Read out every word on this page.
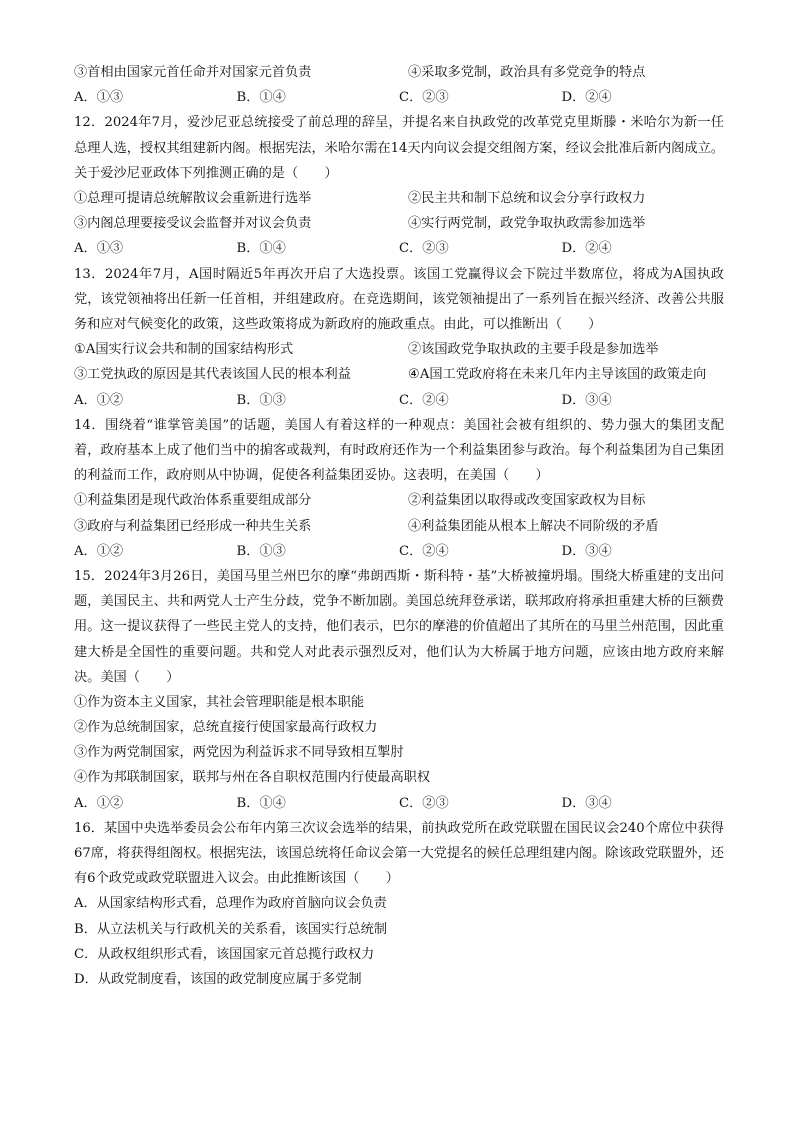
③首相由国家元首任命并对国家元首负责	④采取多党制，政治具有多党竞争的特点
A．①③	B．①④	C．②③	D．②④
12．2024年7月，爱沙尼亚总统接受了前总理的辞呈，并提名来自执政党的改革党克里斯滕・米哈尔为新一任总理人选，授权其组建新内阁。根据宪法，米哈尔需在14天内向议会提交组阁方案，经议会批准后新内阁成立。关于爱沙尼亚政体下列推测正确的是（　　）
①总理可提请总统解散议会重新进行选举	②民主共和制下总统和议会分享行政权力
③内阁总理要接受议会监督并对议会负责	④实行两党制，政党争取执政需参加选举
A．①③	B．①④	C．②③	D．②④
13．2024年7月，A国时隔近5年再次开启了大选投票。该国工党赢得议会下院过半数席位，将成为A国执政党，该党领袖将出任新一任首相，并组建政府。在竞选期间，该党领袖提出了一系列旨在振兴经济、改善公共服务和应对气候变化的政策，这些政策将成为新政府的施政重点。由此，可以推断出（　　）
①A国实行议会共和制的国家结构形式	②该国政党争取执政的主要手段是参加选举
③工党执政的原因是其代表该国人民的根本利益	④A国工党政府将在未来几年内主导该国的政策走向
A．①②	B．①③	C．②④	D．③④
14．围绕着“谁掌管美国”的话题，美国人有着这样的一种观点：美国社会被有组织的、势力强大的集团支配着，政府基本上成了他们当中的掮客或裁判，有时政府还作为一个利益集团参与政治。每个利益集团为自己集团的利益而工作，政府则从中协调，促使各利益集团妥协。这表明，在美国（　　）
①利益集团是现代政治体系重要组成部分	②利益集团以取得或改变国家政权为目标
③政府与利益集团已经形成一种共生关系	④利益集团能从根本上解决不同阶级的矛盾
A．①②	B．①③	C．②④	D．③④
15．2024年3月26日，美国马里兰州巴尔的摩“弗朗西斯・斯科特・基”大桥被撞坍塌。围绕大桥重建的支出问题，美国民主、共和两党人士产生分歧，党争不断加剧。美国总统拜登承诺，联邦政府将承担重建大桥的巨额费用。这一提议获得了一些民主党人的支持，他们表示，巴尔的摩港的价值超出了其所在的马里兰州范围，因此重建大桥是全国性的重要问题。共和党人对此表示强烈反对，他们认为大桥属于地方问题，应该由地方政府来解决。美国（　　）
①作为资本主义国家，其社会管理职能是根本职能
②作为总统制国家，总统直接行使国家最高行政权力
③作为两党制国家，两党因为利益诉求不同导致相互掣肘
④作为邦联制国家，联邦与州在各自职权范围内行使最高职权
A．①②	B．①④	C．②③	D．③④
16．某国中央选举委员会公布年内第三次议会选举的结果，前执政党所在政党联盟在国民议会240个席位中获得67席，将获得组阁权。根据宪法，该国总统将任命议会第一大党提名的候任总理组建内阁。除该政党联盟外，还有6个政党或政党联盟进入议会。由此推断该国（　　）
A．从国家结构形式看，总理作为政府首脑向议会负责
B．从立法机关与行政机关的关系看，该国实行总统制
C．从政权组织形式看，该国国家元首总揽行政权力
D．从政党制度看，该国的政党制度应属于多党制
